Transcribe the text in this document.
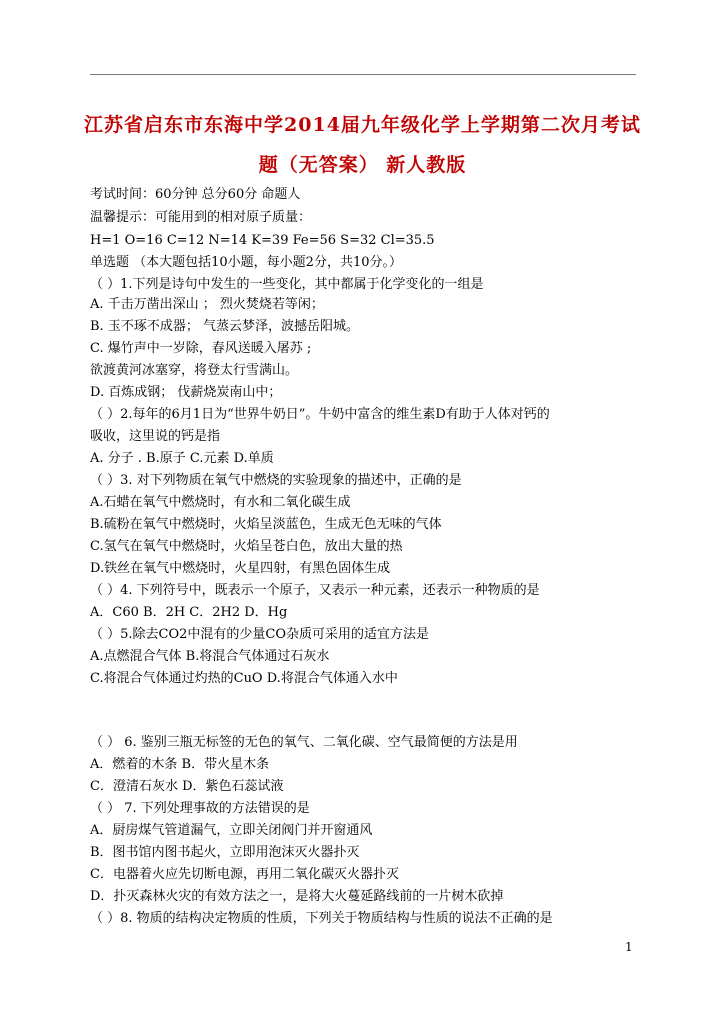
江苏省启东市东海中学2014届九年级化学上学期第二次月考试
题（无答案） 新人教版
考试时间：60分钟 总分60分 命题人
温馨提示：可能用到的相对原子质量：
H=1 O=16 C=12 N=14 K=39 Fe=56 S=32 Cl=35.5
单选题 （本大题包括10小题，每小题2分，共10分。）
（ ）1.下列是诗句中发生的一些变化，其中都属于化学变化的一组是
A. 千击万凿出深山 ； 烈火焚烧若等闲；
B. 玉不琢不成器； 气蒸云梦泽，波撼岳阳城。
C. 爆竹声中一岁除，春风送暖入屠苏 ;
欲渡黄河冰塞穿，将登太行雪满山。
D. 百炼成钢； 伐薪烧炭南山中；
（ ）2.每年的6月1日为“世界牛奶日”。牛奶中富含的维生素D有助于人体对钙的
吸收，这里说的钙是指
A. 分子 . B.原子 C.元素 D.单质
（ ）3. 对下列物质在氧气中燃烧的实验现象的描述中，正确的是
A.石蜡在氧气中燃烧时，有水和二氧化碳生成
B.硫粉在氧气中燃烧时，火焰呈淡蓝色，生成无色无味的气体
C.氢气在氧气中燃烧时，火焰呈苍白色，放出大量的热
D.铁丝在氧气中燃烧时，火星四射，有黑色固体生成
（ ）4. 下列符号中，既表示一个原子，又表示一种元素，还表示一种物质的是
A．C60 B．2H C．2H2 D．Hg
（ ）5.除去CO2中混有的少量CO杂质可采用的适宜方法是
A.点燃混合气体 B.将混合气体通过石灰水
C.将混合气体通过灼热的CuO D.将混合气体通入水中
（ ） 6. 鉴别三瓶无标签的无色的氧气、二氧化碳、空气最简便的方法是用
A．燃着的木条 B．带火星木条
C．澄清石灰水 D．紫色石蕊试液
（ ） 7. 下列处理事故的方法错误的是
A．厨房煤气管道漏气，立即关闭阀门并开窗通风
B．图书馆内图书起火，立即用泡沫灭火器扑灭
C．电器着火应先切断电源，再用二氧化碳灭火器扑灭
D．扑灭森林火灾的有效方法之一，是将大火蔓延路线前的一片树木砍掉
（ ）8. 物质的结构决定物质的性质，下列关于物质结构与性质的说法不正确的是
1
